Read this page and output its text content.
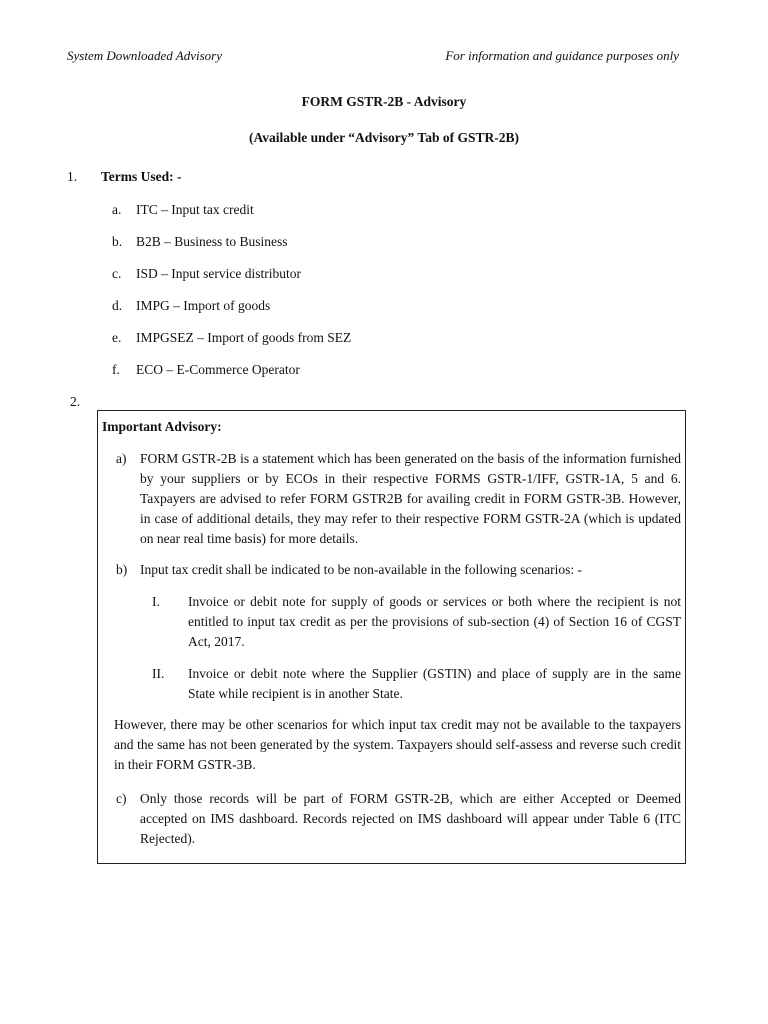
System Downloaded Advisory	For information and guidance purposes only
FORM GSTR-2B - Advisory
(Available under “Advisory” Tab of GSTR-2B)
1. Terms Used: -
a. ITC – Input tax credit
b. B2B – Business to Business
c. ISD – Input service distributor
d. IMPG – Import of goods
e. IMPGSEZ – Import of goods from SEZ
f. ECO – E-Commerce Operator
2.
Important Advisory:
a)	FORM GSTR-2B is a statement which has been generated on the basis of the information furnished by your suppliers or by ECOs in their respective FORMS GSTR-1/IFF, GSTR-1A, 5 and 6. Taxpayers are advised to refer FORM GSTR2B for availing credit in FORM GSTR-3B. However, in case of additional details, they may refer to their respective FORM GSTR-2A (which is updated on near real time basis) for more details.
b) Input tax credit shall be indicated to be non-available in the following scenarios: -
I.	Invoice or debit note for supply of goods or services or both where the recipient is not entitled to input tax credit as per the provisions of sub-section (4) of Section 16 of CGST Act, 2017.
II.	Invoice or debit note where the Supplier (GSTIN) and place of supply are in the same State while recipient is in another State.
However, there may be other scenarios for which input tax credit may not be available to the taxpayers and the same has not been generated by the system. Taxpayers should self-assess and reverse such credit in their FORM GSTR-3B.
c)	Only those records will be part of FORM GSTR-2B, which are either Accepted or Deemed accepted on IMS dashboard. Records rejected on IMS dashboard will appear under Table 6 (ITC Rejected).
